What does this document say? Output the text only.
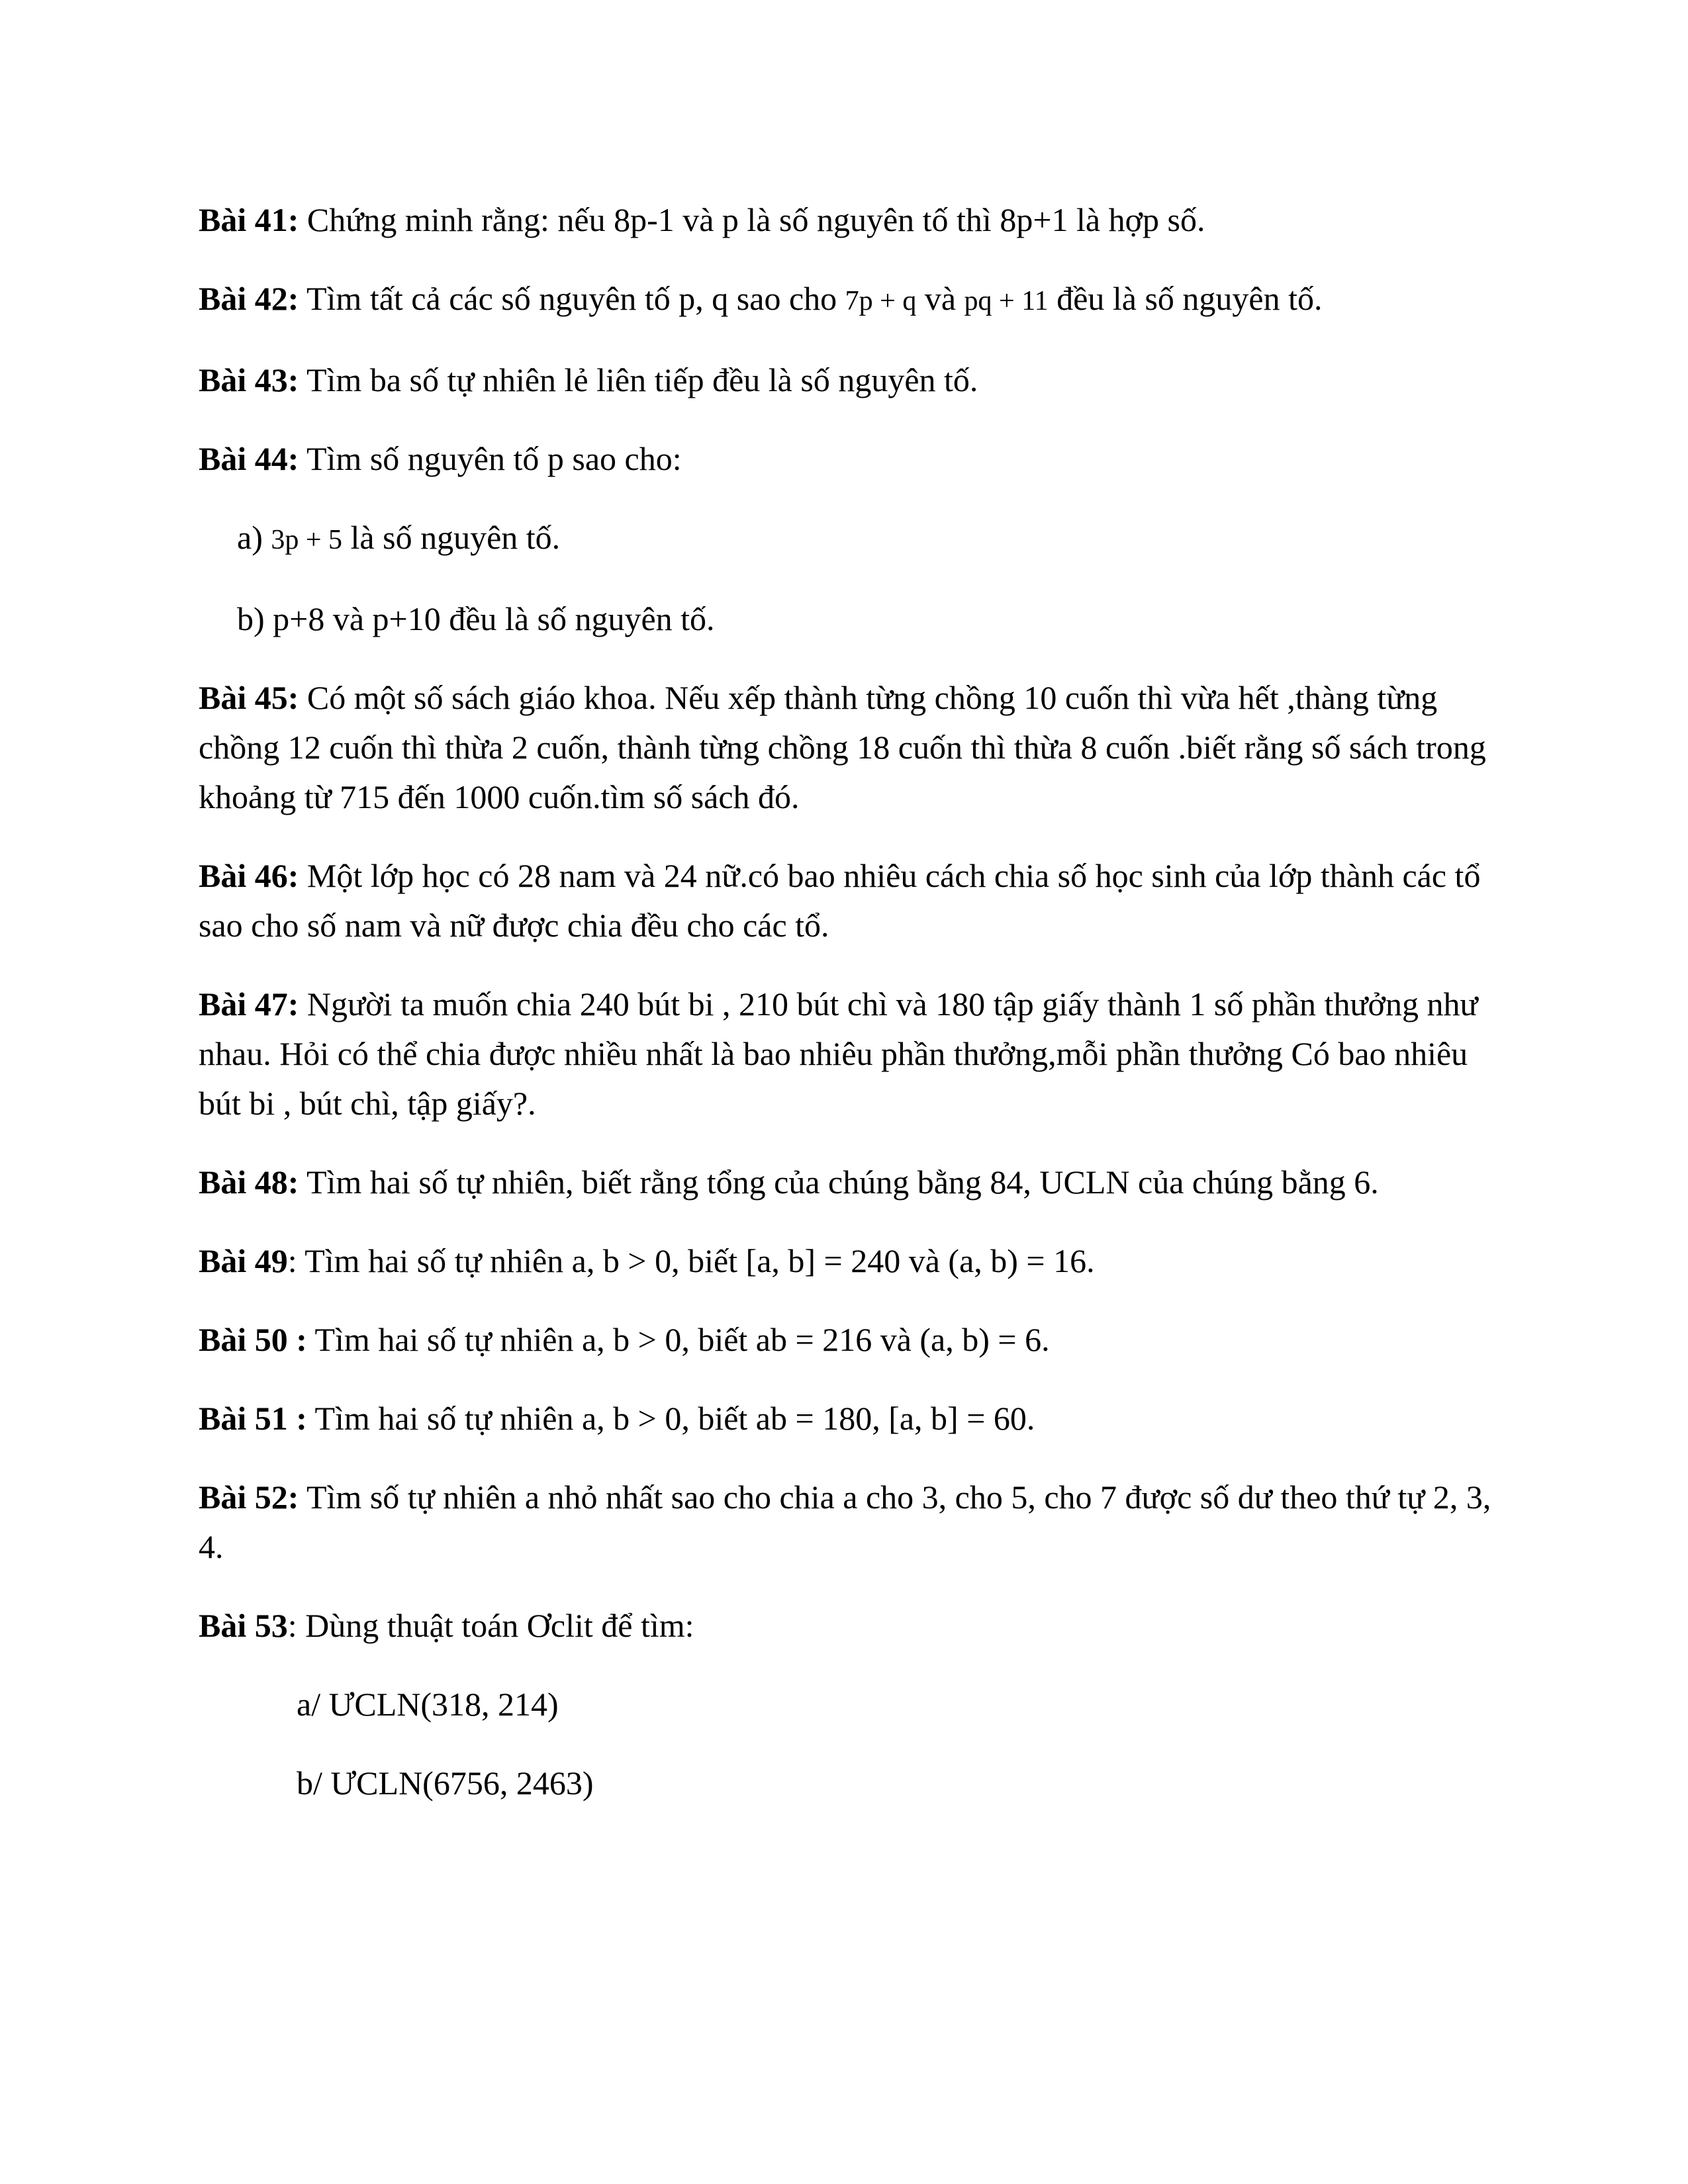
Bài 41: Chứng minh rằng: nếu 8p-1 và p là số nguyên tố thì 8p+1 là hợp số.

Bài 42: Tìm tất cả các số nguyên tố p, q sao cho 7p + q và pq + 11 đều là số nguyên tố.

Bài 43: Tìm ba số tự nhiên lẻ liên tiếp đều là số nguyên tố.

Bài 44: Tìm số nguyên tố p sao cho:

a) 3p + 5 là số nguyên tố.

b) p+8 và p+10 đều là số nguyên tố.

Bài 45: Có một số sách giáo khoa. Nếu xếp thành từng chồng 10 cuốn thì vừa hết ,thàng từng chồng 12 cuốn thì thừa 2 cuốn, thành từng chồng 18 cuốn thì thừa 8 cuốn .biết rằng số sách trong khoảng từ 715 đến 1000 cuốn.tìm số sách đó.

Bài 46: Một lớp học có 28 nam và 24 nữ.có bao nhiêu cách chia số học sinh của lớp thành các tổ sao cho số nam và nữ được chia đều cho các tổ.

Bài 47: Người ta muốn chia 240 bút bi , 210 bút chì và 180 tập giấy thành 1 số phần thưởng như nhau. Hỏi có thể chia được nhiều nhất là bao nhiêu phần thưởng,mỗi phần thưởng Có bao nhiêu bút bi , bút chì, tập giấy?.

Bài 48: Tìm hai số tự nhiên, biết rằng tổng của chúng bằng 84, UCLN của chúng bằng 6.

Bài 49: Tìm hai số tự nhiên a, b > 0, biết [a, b] = 240 và (a, b) = 16.

Bài 50 : Tìm hai số tự nhiên a, b > 0, biết ab = 216 và (a, b) = 6.

Bài 51 : Tìm hai số tự nhiên a, b > 0, biết ab = 180, [a, b] = 60.

Bài 52: Tìm số tự nhiên a nhỏ nhất sao cho chia a cho 3, cho 5, cho 7 được số dư theo thứ tự 2, 3, 4.

Bài 53: Dùng thuật toán Ơclit để tìm:

a/ ƯCLN(318, 214)

b/ ƯCLN(6756, 2463)
